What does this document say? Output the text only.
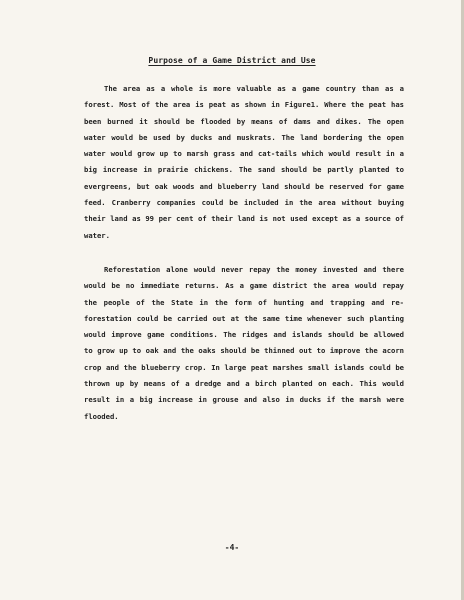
Purpose of a Game District and Use

The area as a whole is more valuable as a game country than as a forest. Most of the area is peat as shown in Figure1. Where the peat has been burned it should be flooded by means of dams and dikes. The open water would be used by ducks and muskrats. The land bordering the open water would grow up to marsh grass and cat-tails which would result in a big increase in prairie chickens. The sand should be partly planted to evergreens, but oak woods and blueberry land should be reserved for game feed. Cranberry companies could be included in the area without buying their land as 99 per cent of their land is not used except as a source of water.

Reforestation alone would never repay the money invested and there would be no immediate returns. As a game district the area would repay the people of the State in the form of hunting and trapping and re-forestation could be carried out at the same time whenever such planting would improve game conditions. The ridges and islands should be allowed to grow up to oak and the oaks should be thinned out to improve the acorn crop and the blueberry crop. In large peat marshes small islands could be thrown up by means of a dredge and a birch planted on each. This would result in a big increase in grouse and also in ducks if the marsh were flooded.

-4-
